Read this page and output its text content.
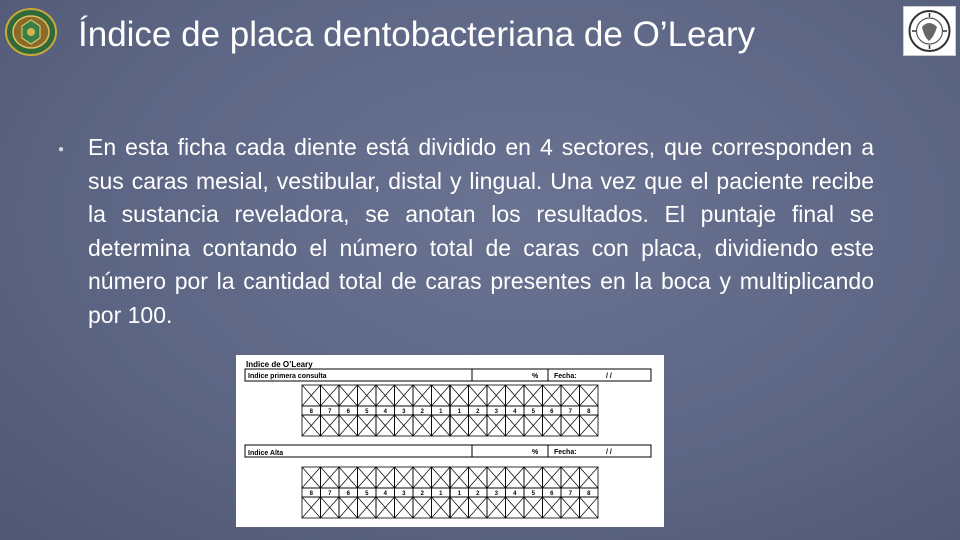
Índice de placa dentobacteriana de O’Leary
● En esta ficha cada diente está dividido en 4 sectores, que corresponden a sus caras mesial, vestibular, distal y lingual. Una vez que el paciente recibe la sustancia reveladora, se anotan los resultados. El puntaje final se determina contando el número total de caras con placa, dividiendo este número por la cantidad total de caras presentes en la boca y multiplicando por 100.

Indice de O’Leary
Indice primera consulta	% Fecha:	/ /
Indice Alta	% Fecha:	/ /
8	7	6	5	4	3	2	1	1	2	3	4	5	6	7	8
8	7	6	5	4	3	2	1	1	2	3	4	5	6	7	8
